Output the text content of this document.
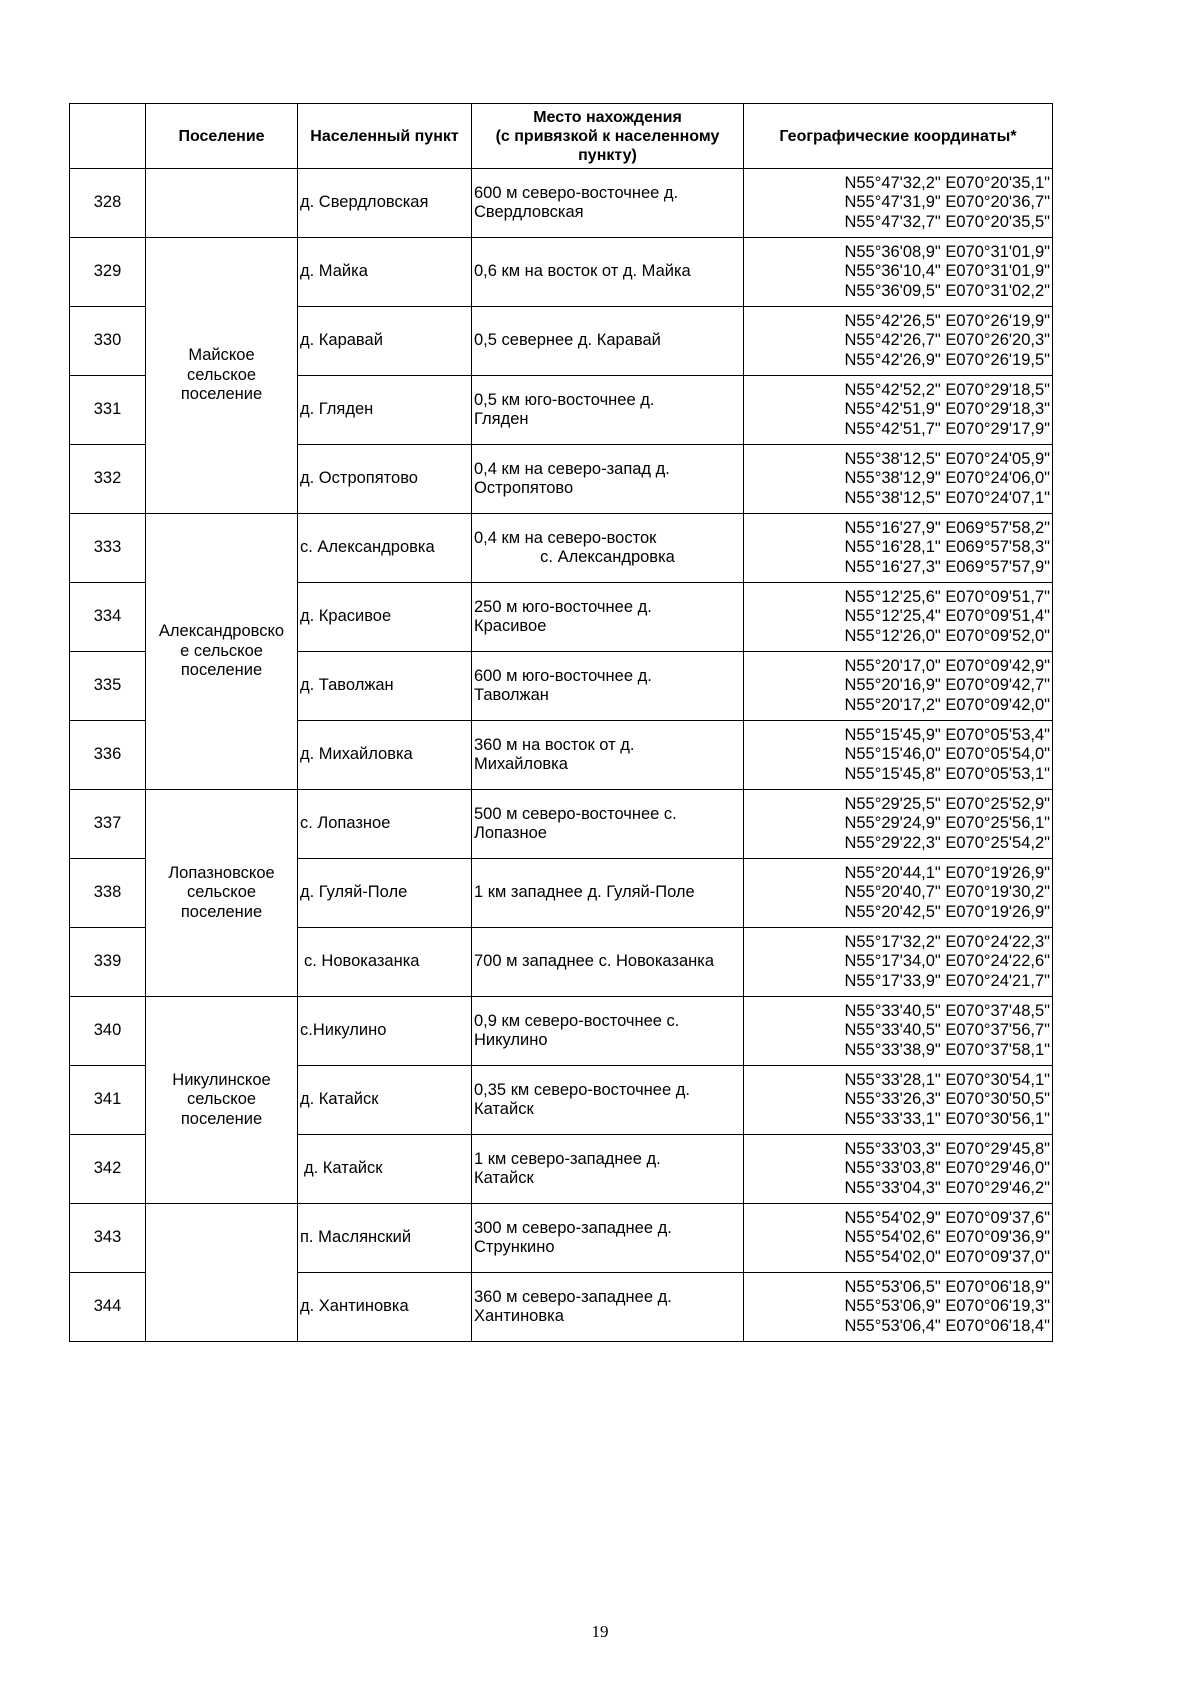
	Поселение	Населенный пункт	Место нахождения
(с привязкой к населенному
пункту)	Географические координаты*
328		д. Свердловская	600 м северо-восточнее д.
Свердловская	N55°47'32,2" E070°20'35,1"
N55°47'31,9" E070°20'36,7"
N55°47'32,7" E070°20'35,5"

329	Майское
сельское
поселение	д. Майка	0,6 км на восток от д. Майка	N55°36'08,9" E070°31'01,9"
N55°36'10,4" E070°31'01,9"
N55°36'09,5" E070°31'02,2"

330		д. Каравай	0,5 севернее д. Каравай	N55°42'26,5" E070°26'19,9"
N55°42'26,7" E070°26'20,3"
N55°42'26,9" E070°26'19,5"

331		д. Гляден	0,5 км юго-восточнее д.
Гляден	N55°42'52,2" E070°29'18,5"
N55°42'51,9" E070°29'18,3"
N55°42'51,7" E070°29'17,9"

332		д. Остропятово	0,4 км на северо-запад д.
Остропятово	N55°38'12,5" E070°24'05,9"
N55°38'12,9" E070°24'06,0"
N55°38'12,5" E070°24'07,1"

333	Александровско
е сельское
поселение	с. Александровка	0,4 км на северо-восток
с. Александровка	N55°16'27,9" E069°57'58,2"
N55°16'28,1" E069°57'58,3"
N55°16'27,3" E069°57'57,9"

334		д. Красивое	250 м юго-восточнее д.
Красивое	N55°12'25,6" E070°09'51,7"
N55°12'25,4" E070°09'51,4"
N55°12'26,0" E070°09'52,0"

335		д. Таволжан	600 м юго-восточнее д.
Таволжан	N55°20'17,0" E070°09'42,9"
N55°20'16,9" E070°09'42,7"
N55°20'17,2" E070°09'42,0"

336		д. Михайловка	360 м на восток от д.
Михайловка	N55°15'45,9" E070°05'53,4"
N55°15'46,0" E070°05'54,0"
N55°15'45,8" E070°05'53,1"

337	Лопазновское
сельское
поселение	с. Лопазное	500 м северо-восточнее с.
Лопазное	N55°29'25,5" E070°25'52,9"
N55°29'24,9" E070°25'56,1"
N55°29'22,3" E070°25'54,2"

338		д. Гуляй-Поле	1 км западнее д. Гуляй-Поле	N55°20'44,1" E070°19'26,9"
N55°20'40,7" E070°19'30,2"
N55°20'42,5" E070°19'26,9"

339		с. Новоказанка	700 м западнее с. Новоказанка	N55°17'32,2" E070°24'22,3"
N55°17'34,0" E070°24'22,6"
N55°17'33,9" E070°24'21,7"

340	Никулинское
сельское
поселение	с.Никулино	0,9 км северо-восточнее с.
Никулино	N55°33'40,5" E070°37'48,5"
N55°33'40,5" E070°37'56,7"
N55°33'38,9" E070°37'58,1"

341		д. Катайск	0,35 км северо-восточнее д.
Катайск	N55°33'28,1" E070°30'54,1"
N55°33'26,3" E070°30'50,5"
N55°33'33,1" E070°30'56,1"

342		д. Катайск	1 км северо-западнее д.
Катайск	N55°33'03,3" E070°29'45,8"
N55°33'03,8" E070°29'46,0"
N55°33'04,3" E070°29'46,2"

343		п. Маслянский	300 м северо-западнее д.
Стрункино	N55°54'02,9" E070°09'37,6"
N55°54'02,6" E070°09'36,9"
N55°54'02,0" E070°09'37,0"

344		д. Хантиновка	360 м северо-западнее д.
Хантиновка	N55°53'06,5" E070°06'18,9"
N55°53'06,9" E070°06'19,3"
N55°53'06,4" E070°06'18,4"
19
